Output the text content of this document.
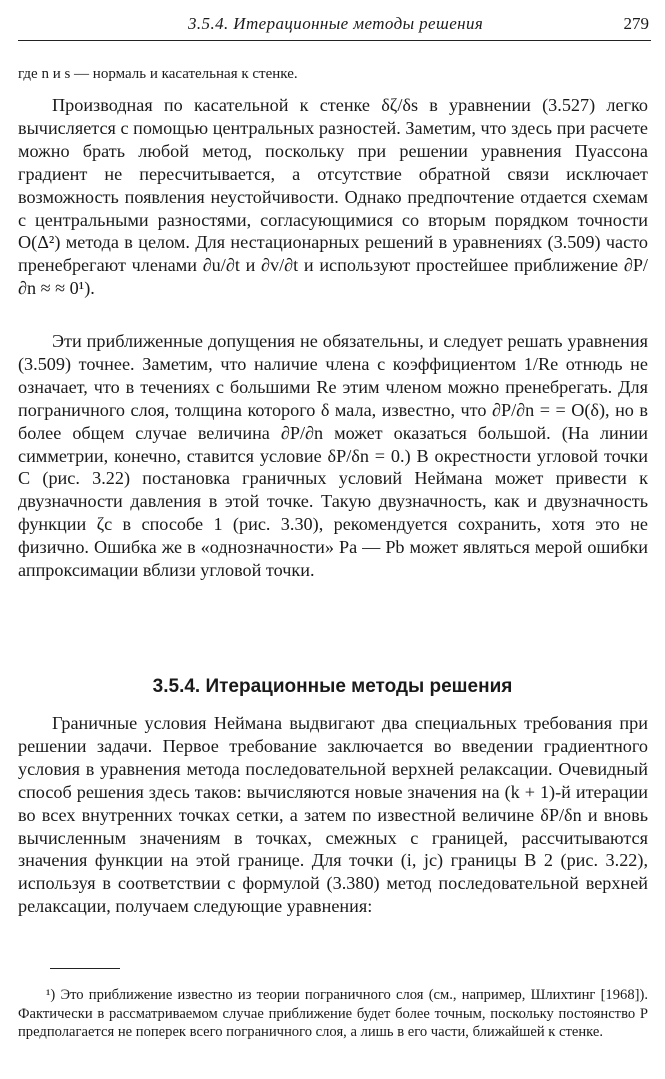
3.5.4. Итерационные методы решения	279
где n и s — нормаль и касательная к стенке.

Производная по касательной к стенке δζ/δs в уравнении (3.527) легко вычисляется с помощью центральных разностей. Заметим, что здесь при расчете можно брать любой метод, поскольку при решении уравнения Пуассона градиент не пересчитывается, а отсутствие обратной связи исключает возможность появления неустойчивости. Однако предпочтение отдается схемам с центральными разностями, согласующимися со вторым порядком точности O(Δ²) метода в целом. Для нестационарных решений в уравнениях (3.509) часто пренебрегают членами ∂u/∂t и ∂v/∂t и используют простейшее приближение ∂P/∂n ≈ ≈ 0¹).

Эти приближенные допущения не обязательны, и следует решать уравнения (3.509) точнее. Заметим, что наличие члена с коэффициентом 1/Re отнюдь не означает, что в течениях с большими Re этим членом можно пренебрегать. Для пограничного слоя, толщина которого δ мала, известно, что ∂P/∂n = = O(δ), но в более общем случае величина ∂P/∂n может оказаться большой. (На линии симметрии, конечно, ставится условие δP/δn = 0.) В окрестности угловой точки C (рис. 3.22) постановка граничных условий Неймана может привести к двузначности давления в этой точке. Такую двузначность, как и двузначность функции ζc в способе 1 (рис. 3.30), рекомендуется сохранить, хотя это не физично. Ошибка же в «однозначности» Pa — Pb может являться мерой ошибки аппроксимации вблизи угловой точки.

3.5.4. Итерационные методы решения

Граничные условия Неймана выдвигают два специальных требования при решении задачи. Первое требование заключается во введении градиентного условия в уравнения метода последовательной верхней релаксации. Очевидный способ решения здесь таков: вычисляются новые значения на (k + 1)-й итерации во всех внутренних точках сетки, а затем по известной величине δP/δn и вновь вычисленным значениям в точках, смежных с границей, рассчитываются значения функции на этой границе. Для точки (i, jc) границы B 2 (рис. 3.22), используя в соответствии с формулой (3.380) метод последовательной верхней релаксации, получаем следующие уравнения:

¹) Это приближение известно из теории пограничного слоя (см., например, Шлихтинг [1968]). Фактически в рассматриваемом случае приближение будет более точным, поскольку постоянство P предполагается не поперек всего пограничного слоя, а лишь в его части, ближайшей к стенке.
